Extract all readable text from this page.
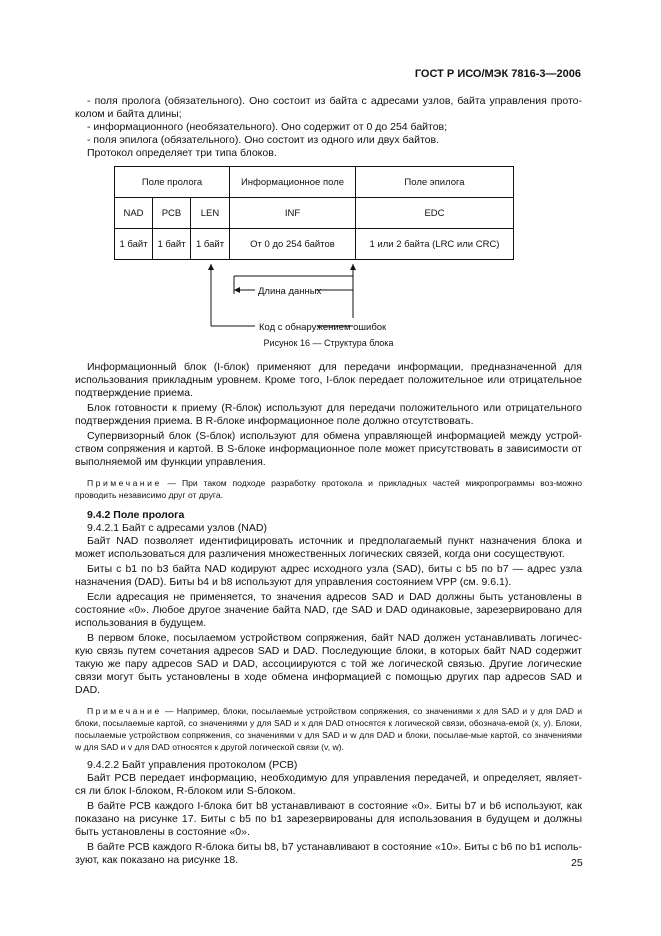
ГОСТ Р ИСО/МЭК 7816-3—2006

- поля пролога (обязательного). Оно состоит из байта с адресами узлов, байта управления прото-колом и байта длины;

- информационного (необязательного). Оно содержит от 0 до 254 байтов;

- поля эпилога (обязательного). Оно состоит из одного или двух байтов.

Протокол определяет три типа блоков.

Поле пролога			Информационное поле	Поле эпилога
NAD	PCB	LEN	INF	EDC
1 байт	1 байт	1 байт	От 0 до 254 байтов	1 или 2 байта (LRC или CRC)
Длина данных
Код с обнаружением ошибок
Рисунок 16 — Структура блока

Информационный блок (I-блок) применяют для передачи информации, предназначенной для использования прикладным уровнем. Кроме того, I-блок передает положительное или отрицательное подтверждение приема.

Блок готовности к приему (R-блок) используют для передачи положительного или отрицательного подтверждения приема. В R-блоке информационное поле должно отсутствовать.

Супервизорный блок (S-блок) используют для обмена управляющей информацией между устрой-ством сопряжения и картой. В S-блоке информационное поле может присутствовать в зависимости от выполняемой им функции управления.

Примечание — При таком подходе разработку протокола и прикладных частей микропрограммы воз-можно проводить независимо друг от друга.

9.4.2 Поле пролога

9.4.2.1 Байт с адресами узлов (NAD)

Байт NAD позволяет идентифицировать источник и предполагаемый пункт назначения блока и может использоваться для различения множественных логических связей, когда они сосуществуют.

Биты с b1 по b3 байта NAD кодируют адрес исходного узла (SAD), биты с b5 по b7 — адрес узла назначения (DAD). Биты b4 и b8 используют для управления состоянием VPP (см. 9.6.1).

Если адресация не применяется, то значения адресов SAD и DAD должны быть установлены в состояние «0». Любое другое значение байта NAD, где SAD и DAD одинаковые, зарезервировано для использования в будущем.

В первом блоке, посылаемом устройством сопряжения, байт NAD должен устанавливать логичес-кую связь путем сочетания адресов SAD и DAD. Последующие блоки, в которых байт NAD содержит такую же пару адресов SAD и DAD, ассоциируются с той же логической связью. Другие логические связи могут быть установлены в ходе обмена информацией с помощью других пар адресов SAD и DAD.

Примечание — Например, блоки, посылаемые устройством сопряжения, со значениями x для SAD и y для DAD и блоки, посылаемые картой, со значениями y для SAD и x для DAD относятся к логической связи, обознача-емой (x, y). Блоки, посылаемые устройством сопряжения, со значениями v для SAD и w для DAD и блоки, посылае-мые картой, со значениями w для SAD и v для DAD относятся к другой логической связи (v, w).

9.4.2.2 Байт управления протоколом (PCB)

Байт PCB передает информацию, необходимую для управления передачей, и определяет, являет-ся ли блок I-блоком, R-блоком или S-блоком.

В байте PCB каждого I-блока бит b8 устанавливают в состояние «0». Биты b7 и b6 используют, как показано на рисунке 17. Биты с b5 по b1 зарезервированы для использования в будущем и должны быть установлены в состояние «0».

В байте PCB каждого R-блока биты b8, b7 устанавливают в состояние «10». Биты с b6 по b1 исполь-зуют, как показано на рисунке 18.	25
